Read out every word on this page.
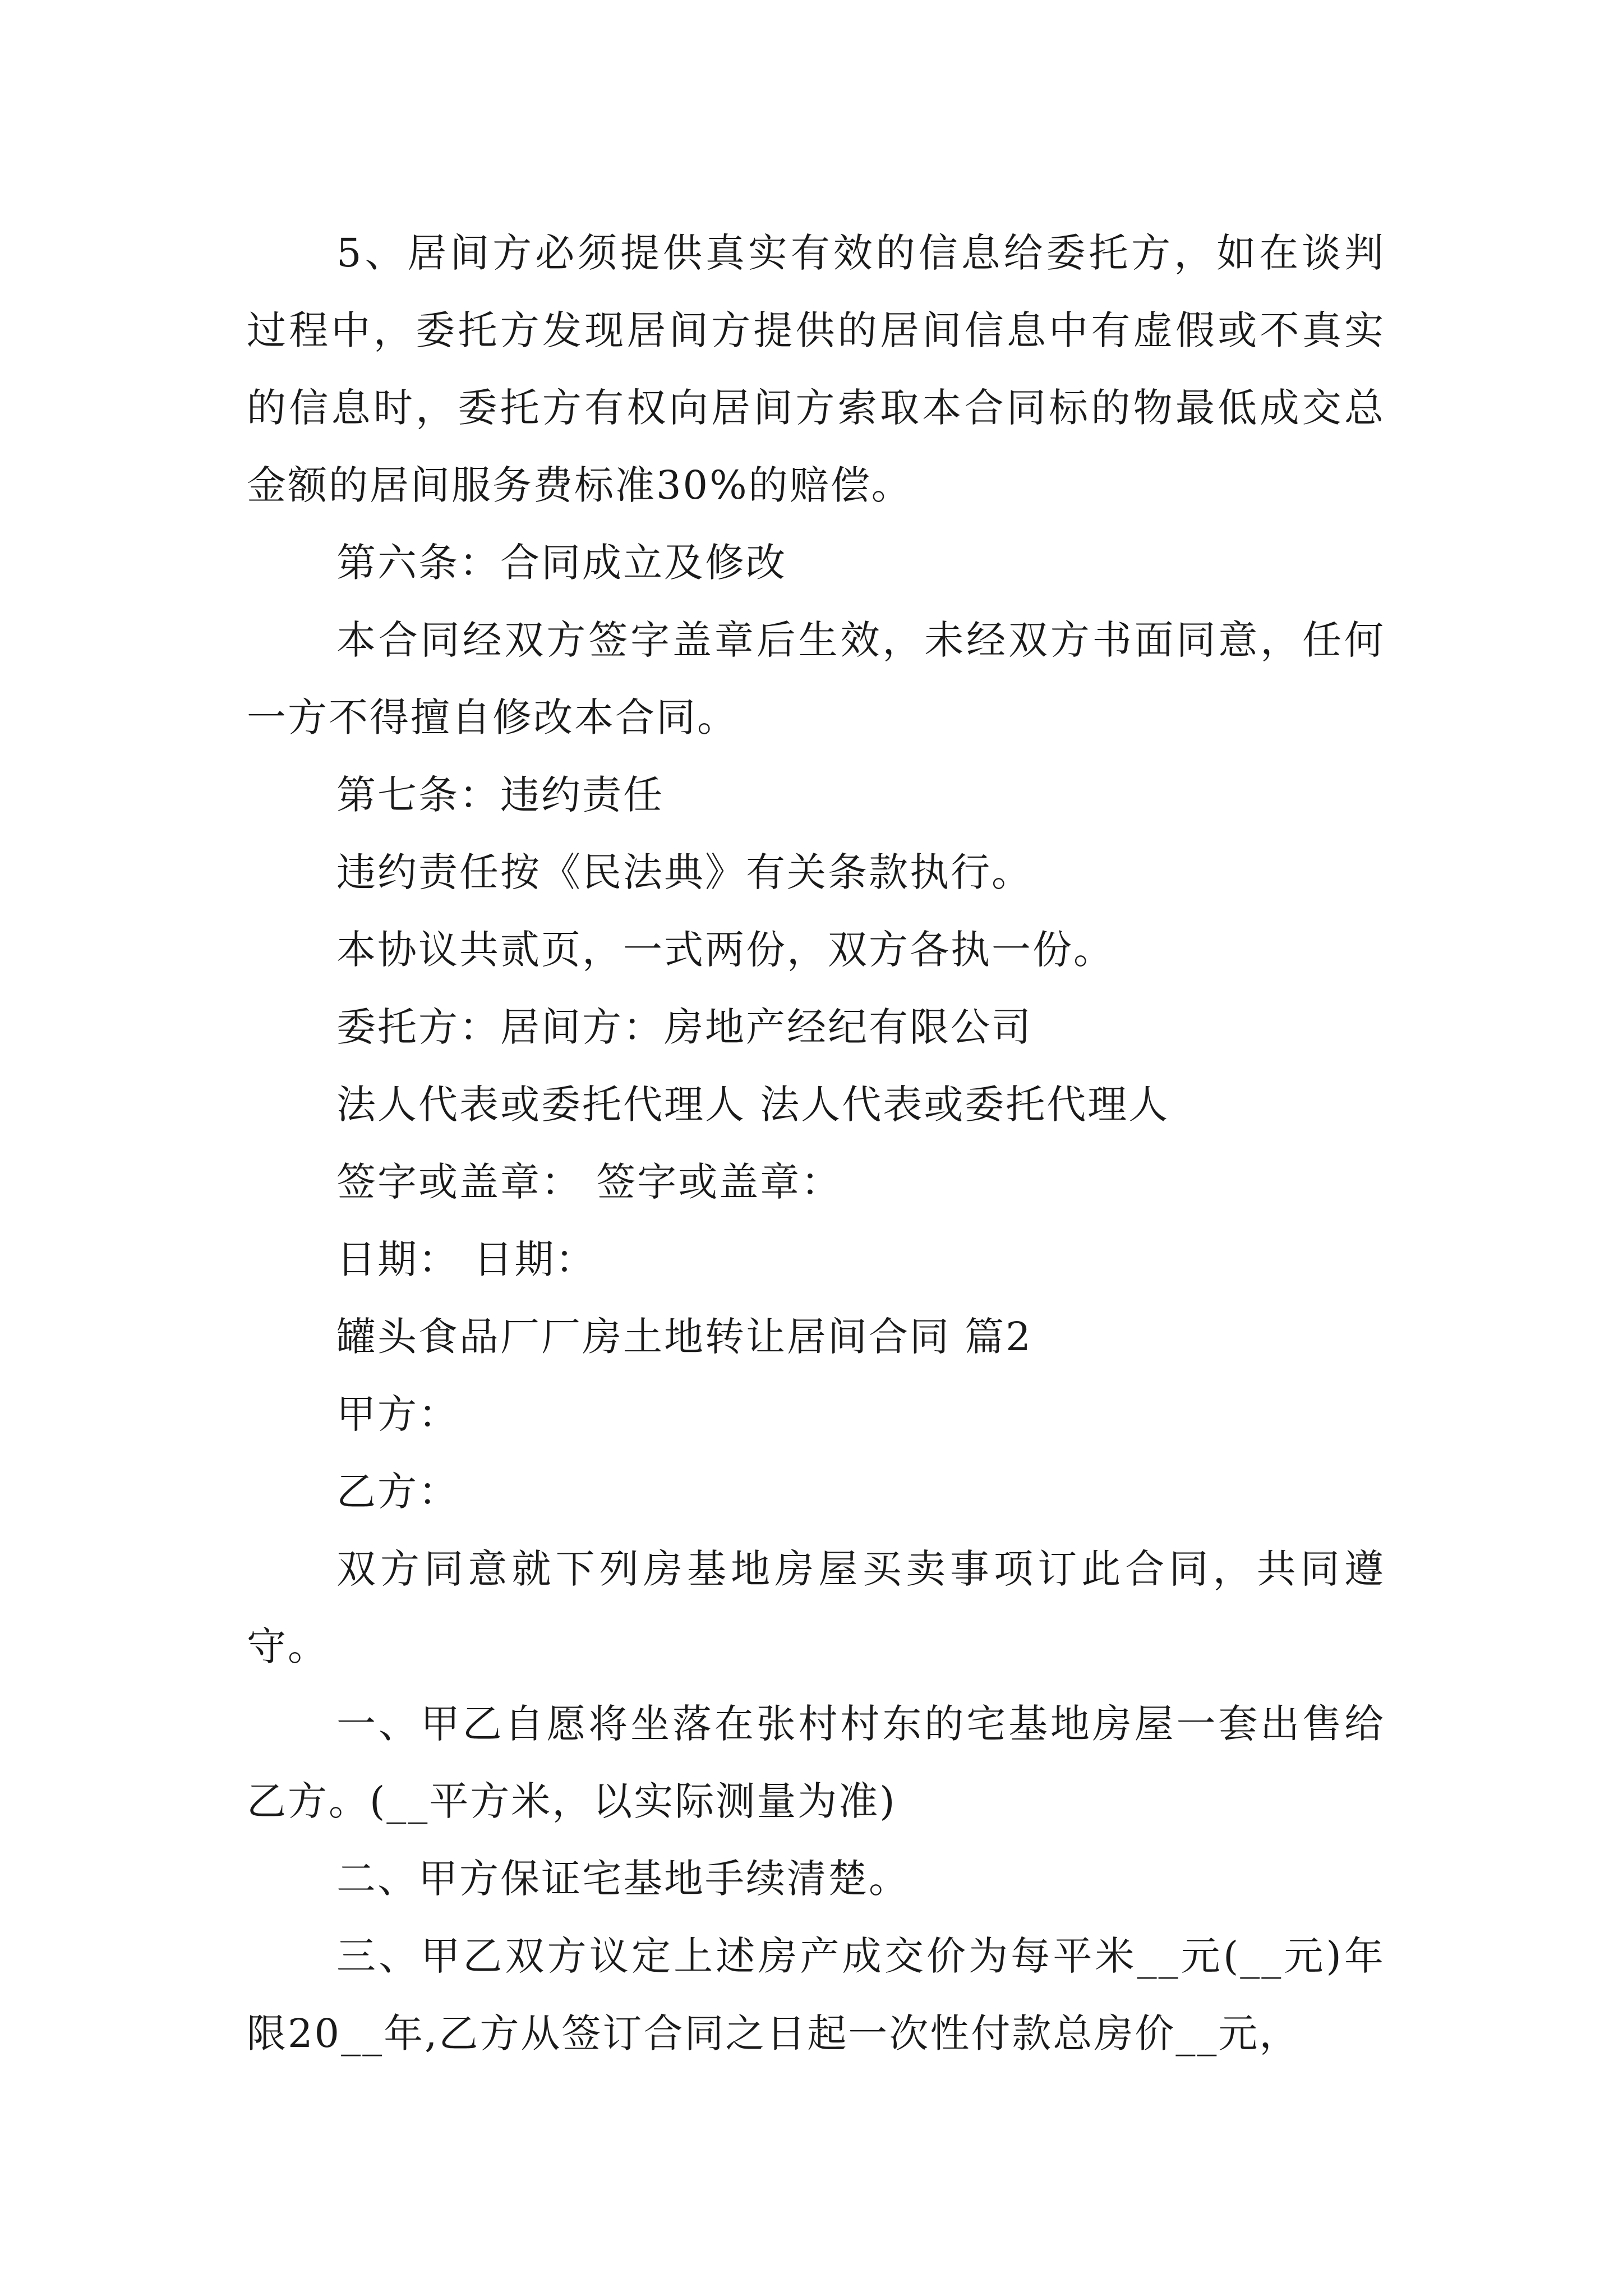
5、居间方必须提供真实有效的信息给委托方，如在谈判过程中，委托方发现居间方提供的居间信息中有虚假或不真实的信息时，委托方有权向居间方索取本合同标的物最低成交总金额的居间服务费标准30%的赔偿。

第六条：合同成立及修改

本合同经双方签字盖章后生效，未经双方书面同意，任何一方不得擅自修改本合同。

第七条：违约责任

违约责任按《民法典》有关条款执行。

本协议共贰页，一式两份，双方各执一份。

委托方：居间方：房地产经纪有限公司

法人代表或委托代理人 法人代表或委托代理人

签字或盖章： 签字或盖章：

日期： 日期：

罐头食品厂厂房土地转让居间合同 篇2

甲方：

乙方：

双方同意就下列房基地房屋买卖事项订此合同，共同遵守。

一、甲乙自愿将坐落在张村村东的宅基地房屋一套出售给乙方。(__平方米，以实际测量为准)

二、甲方保证宅基地手续清楚。

三、甲乙双方议定上述房产成交价为每平米__元(__元)年限20__年,乙方从签订合同之日起一次性付款总房价__元，
